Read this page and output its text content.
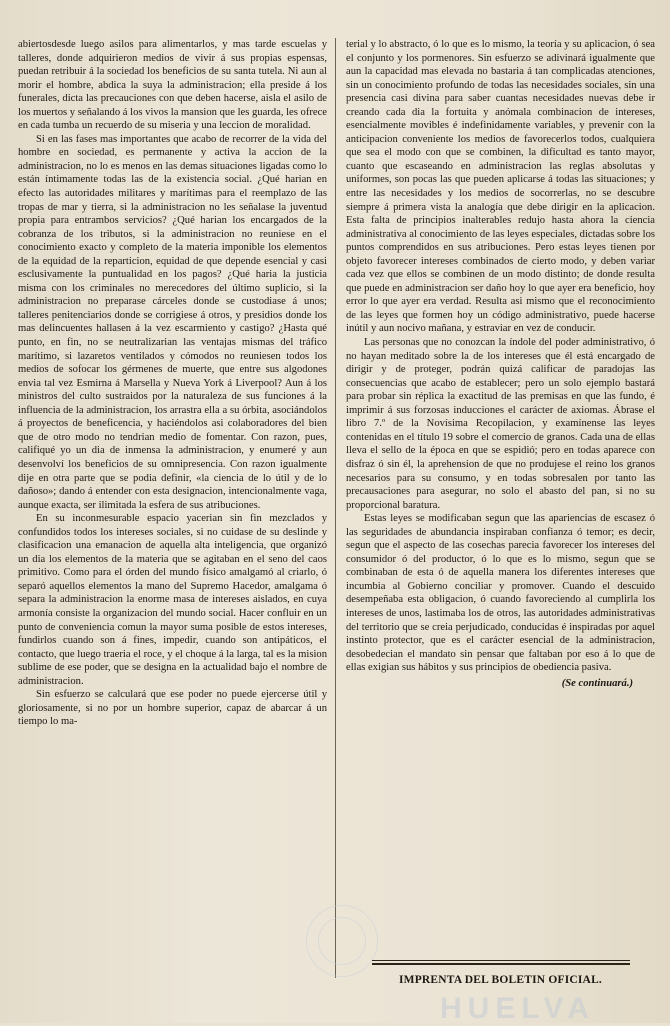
abiertosdesde luego asilos para alimentarlos, y mas tarde escuelas y talleres, donde adquirieron medios de vivir á sus propias espensas, puedan retribuir á la sociedad los beneficios de su santa tutela. Ni aun al morir el hombre, abdica la suya la administracion; ella preside á los funerales, dicta las precauciones con que deben hacerse, aisla el asilo de los muertos y señalando á los vivos la mansion que les guarda, les ofrece en cada tumba un recuerdo de su miseria y una leccion de moralidad.

Si en las fases mas importantes que acabo de recorrer de la vida del hombre en sociedad, es permanente y activa la accion de la administracion, no lo es menos en las demas situaciones ligadas como lo están íntimamente todas las de la existencia social. ¿Qué harian en efecto las autoridades militares y marítimas para el reemplazo de las tropas de mar y tierra, si la administracion no les señalase la juventud propia para entrambos servicios? ¿Qué harian los encargados de la cobranza de los tributos, si la administracion no reuniese en el conocimiento exacto y completo de la materia imponible los elementos de la equidad de la reparticion, equidad de que depende esencial y casi esclusivamente la puntualidad en los pagos? ¿Qué haria la justicia misma con los criminales no merecedores del último suplicio, si la administracion no preparase cárceles donde se custodiase á unos; talleres penitenciarios donde se corrigiese á otros, y presidios donde los mas delincuentes hallasen á la vez escarmiento y castigo? ¿Hasta qué punto, en fin, no se neutralizarian las ventajas mismas del tráfico marítimo, si lazaretos ventilados y cómodos no reuniesen todos los medios de sofocar los gérmenes de muerte, que entre sus algodones envia tal vez Esmirna á Marsella y Nueva York á Liverpool? Aun á los ministros del culto sustraidos por la naturaleza de sus funciones á la influencia de la administracion, los arrastra ella a su órbita, asociándolos á proyectos de beneficencia, y haciéndolos asi colaboradores del bien que de otro modo no tendrian medio de fomentar. Con razon, pues, califiqué yo un dia de inmensa la administracion, y enumeré y aun desenvolví los beneficios de su omnipresencia. Con razon igualmente dije en otra parte que se podia definir, «la ciencia de lo útil y de lo dañoso»; dando á entender con esta designacion, intencionalmente vaga, aunque exacta, ser ilimitada la esfera de sus atribuciones.

En su inconmesurable espacio yacerian sin fin mezclados y confundidos todos los intereses sociales, si no cuidase de su deslinde y clasificacion una emanacion de aquella alta inteligencia, que organizó un dia los elementos de la materia que se agitaban en el seno del caos primitivo. Como para el órden del mundo físico amalgamó al criarlo, ó separó aquellos elementos la mano del Supremo Hacedor, amalgama ó separa la administracion la enorme masa de intereses aislados, en cuya armonía consiste la organizacion del mundo social. Hacer confluir en un punto de conveniencia comun la mayor suma posible de estos intereses, fundirlos cuando son á fines, impedir, cuando son antipáticos, el contacto, que luego traeria el roce, y el choque á la larga, tal es la mision sublime de ese poder, que se designa en la actualidad bajo el nombre de administracion.

Sin esfuerzo se calculará que ese poder no puede ejercerse útil y gloriosamente, si no por un hombre superior, capaz de abarcar á un tiempo lo ma-

terial y lo abstracto, ó lo que es lo mismo, la teoría y su aplicacion, ó sea el conjunto y los pormenores. Sin esfuerzo se adivinará igualmente que aun la capacidad mas elevada no bastaria á tan complicadas atenciones, sin un conocimiento profundo de todas las necesidades sociales, sin una presencia casi divina para saber cuantas necesidades nuevas debe ir creando cada dia la fortuita y anómala combinacion de intereses, esencialmente movibles é indefinidamente variables, y prevenir con la anticipacion conveniente los medios de favorecerlos todos, cualquiera que sea el modo con que se combinen, la dificultad es tanto mayor, cuanto que escaseando en administracion las reglas absolutas y uniformes, son pocas las que pueden aplicarse á todas las situaciones; y entre las necesidades y los medios de socorrerlas, no se descubre siempre á primera vista la analogía que debe dirigir en la aplicacion. Esta falta de principios inalterables redujo hasta ahora la ciencia administrativa al conocimiento de las leyes especiales, dictadas sobre los puntos comprendidos en sus atribuciones. Pero estas leyes tienen por objeto favorecer intereses combinados de cierto modo, y deben variar cada vez que ellos se combinen de un modo distinto; de donde resulta que puede en administracion ser daño hoy lo que ayer era beneficio, hoy error lo que ayer era verdad. Resulta asi mismo que el reconocimiento de las leyes que formen hoy un código administrativo, puede hacerse inútil y aun nocivo mañana, y estraviar en vez de conducir.

Las personas que no conozcan la índole del poder administrativo, ó no hayan meditado sobre la de los intereses que él está encargado de dirigir y de proteger, podrán quizá calificar de paradojas las consecuencias que acabo de establecer; pero un solo ejemplo bastará para probar sin réplica la exactitud de las premisas en que las fundo, é imprimir á sus forzosas inducciones el carácter de axiomas. Ábrase el libro 7.º de la Novísima Recopilacion, y examínense las leyes contenidas en el título 19 sobre el comercio de granos. Cada una de ellas lleva el sello de la época en que se espidió; pero en todas aparece con disfraz ó sin él, la aprehension de que no produjese el reino los granos necesarios para su consumo, y en todas sobresalen por tanto las precausaciones para asegurar, no solo el abasto del pan, si no su proporcional baratura.

Estas leyes se modificaban segun que las apariencias de escasez ó las seguridades de abundancia inspiraban confianza ó temor; es decir, segun que el aspecto de las cosechas parecia favorecer los intereses del consumidor ó del productor, ó lo que es lo mismo, segun que se combinaban de esta ó de aquella manera los diferentes intereses que incumbia al Gobierno conciliar y promover. Cuando el descuido desempeñaba esta obligacion, ó cuando favoreciendo al cumplirla los intereses de unos, lastimaba los de otros, las autoridades administrativas del territorio que se creia perjudicado, conducidas é inspiradas por aquel instinto protector, que es el carácter esencial de la administracion, desobedecian el mandato sin pensar que faltaban por eso á lo que de ellas exigian sus hábitos y sus principios de obediencia pasiva.

(Se continuará.)
IMPRENTA DEL BOLETIN OFICIAL.
HUELVA
